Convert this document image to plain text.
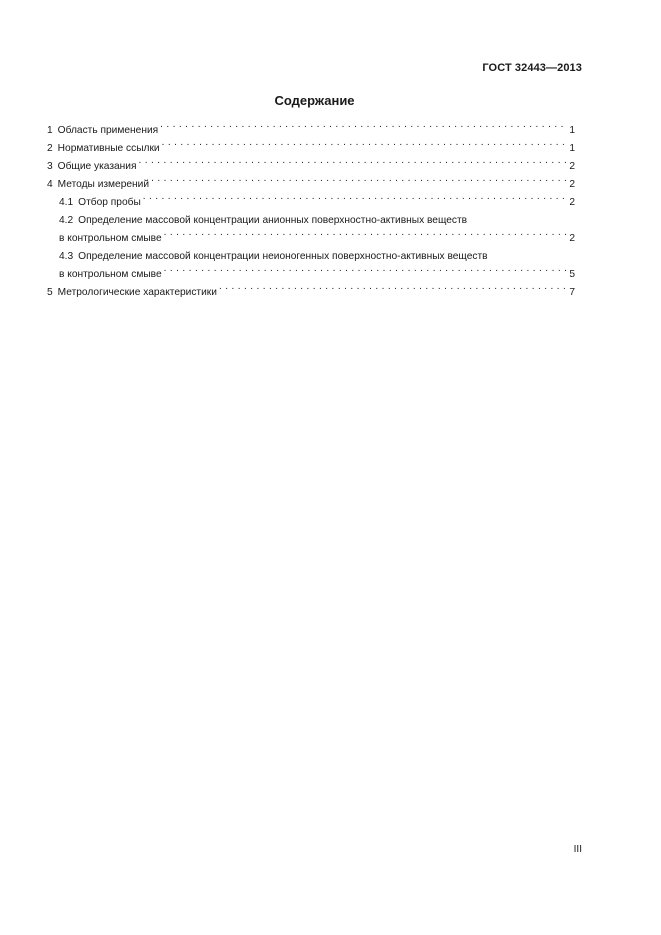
ГОСТ 32443—2013
Содержание
1 Область применения . . .	1
2 Нормативные ссылки . . .	1
3 Общие указания . . .	2
4 Методы измерений . . .	2
4.1 Отбор пробы . . .	2
4.2 Определение массовой концентрации анионных поверхностно-активных веществ
в контрольном смыве . . .	2
4.3 Определение массовой концентрации неионогенных поверхностно-активных веществ
в контрольном смыве . . .	5
5 Метрологические характеристики . . .	7
III
